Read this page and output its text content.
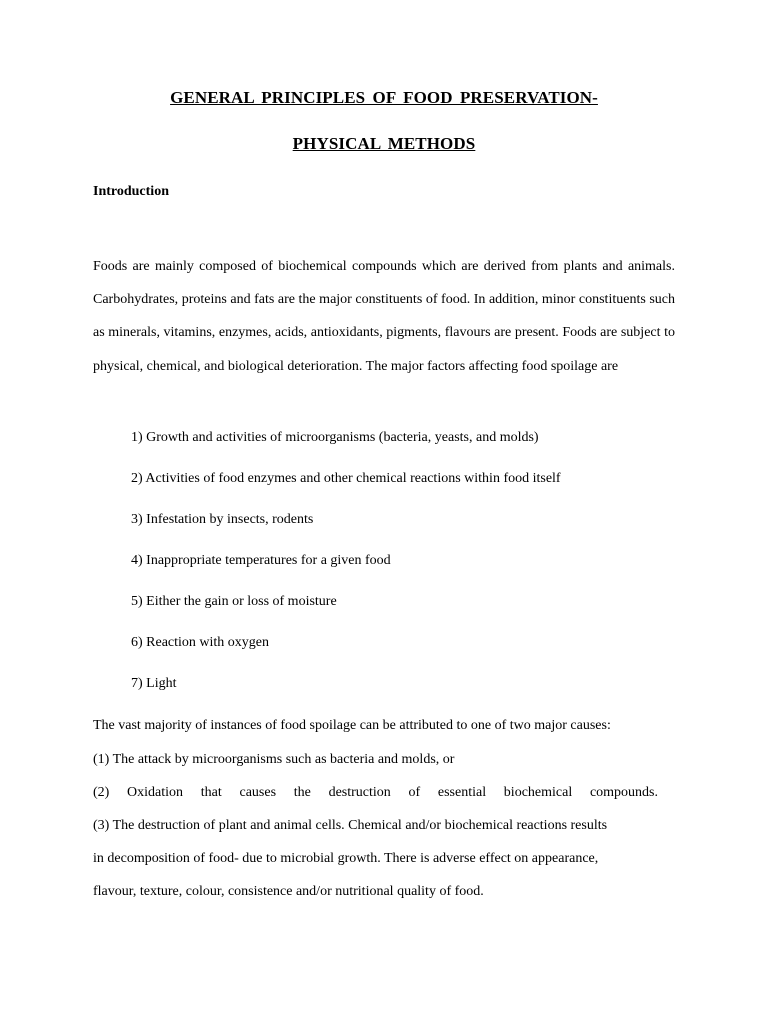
GENERAL PRINCIPLES OF FOOD PRESERVATION-
PHYSICAL METHODS
Introduction

Foods are mainly composed of biochemical compounds which are derived from plants and animals. Carbohydrates, proteins and fats are the major constituents of food. In addition, minor constituents such as minerals, vitamins, enzymes, acids, antioxidants, pigments, flavours are present. Foods are subject to physical, chemical, and biological deterioration. The major factors affecting food spoilage are

1) Growth and activities of microorganisms (bacteria, yeasts, and molds)
2) Activities of food enzymes and other chemical reactions within food itself
3) Infestation by insects, rodents
4) Inappropriate temperatures for a given food
5) Either the gain or loss of moisture
6) Reaction with oxygen
7) Light

The vast majority of instances of food spoilage can be attributed to one of two major causes:

(1) The attack by microorganisms such as bacteria and molds, or

(2) Oxidation that causes the destruction of essential biochemical compounds.

(3) The destruction of plant and animal cells. Chemical and/or biochemical reactions results

in decomposition of food- due to microbial growth. There is adverse effect on appearance,

flavour, texture, colour, consistence and/or nutritional quality of food.
